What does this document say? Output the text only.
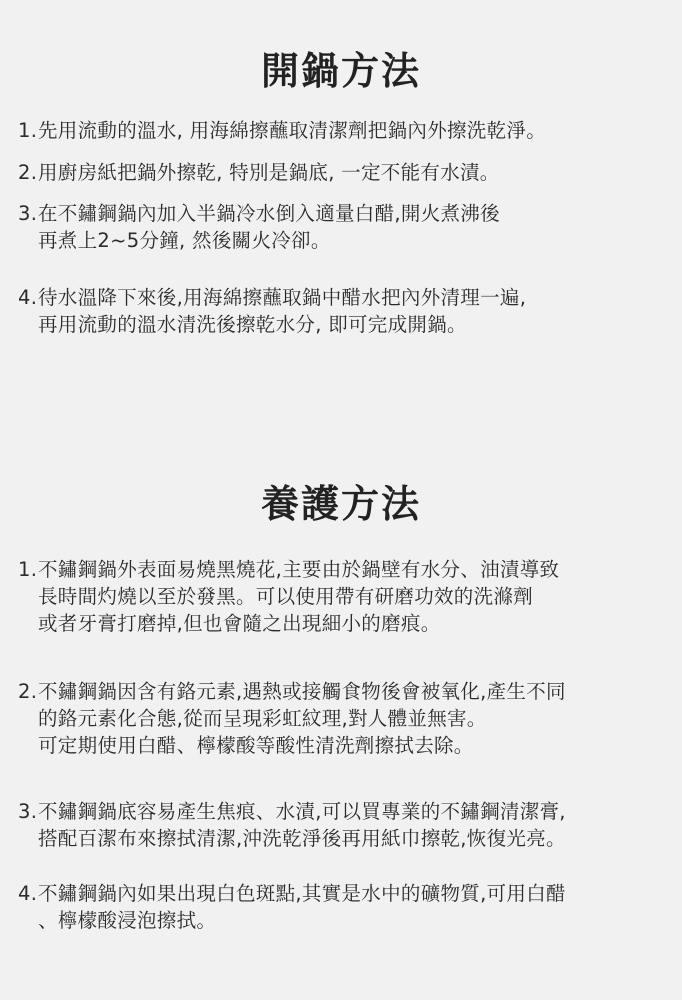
開鍋方法
1.先用流動的溫水, 用海綿擦蘸取清潔劑把鍋內外擦洗乾淨。
2.用廚房紙把鍋外擦乾, 特別是鍋底, 一定不能有水漬。
3.在不鏽鋼鍋內加入半鍋冷水倒入適量白醋,開火煮沸後
再煮上2~5分鐘, 然後關火冷卻。
4.待水溫降下來後,用海綿擦蘸取鍋中醋水把內外清理一遍,
再用流動的溫水清洗後擦乾水分, 即可完成開鍋。
養護方法
1.不鏽鋼鍋外表面易燒黑燒花,主要由於鍋壁有水分、油漬導致
長時間灼燒以至於發黑。可以使用帶有研磨功效的洗滌劑
或者牙膏打磨掉,但也會隨之出現細小的磨痕。
2.不鏽鋼鍋因含有鉻元素,遇熱或接觸食物後會被氧化,產生不同
的鉻元素化合態,從而呈現彩虹紋理,對人體並無害。
可定期使用白醋、檸檬酸等酸性清洗劑擦拭去除。
3.不鏽鋼鍋底容易產生焦痕、水漬,可以買專業的不鏽鋼清潔膏,
搭配百潔布來擦拭清潔,沖洗乾淨後再用紙巾擦乾,恢復光亮。
4.不鏽鋼鍋內如果出現白色斑點,其實是水中的礦物質,可用白醋
、檸檬酸浸泡擦拭。
